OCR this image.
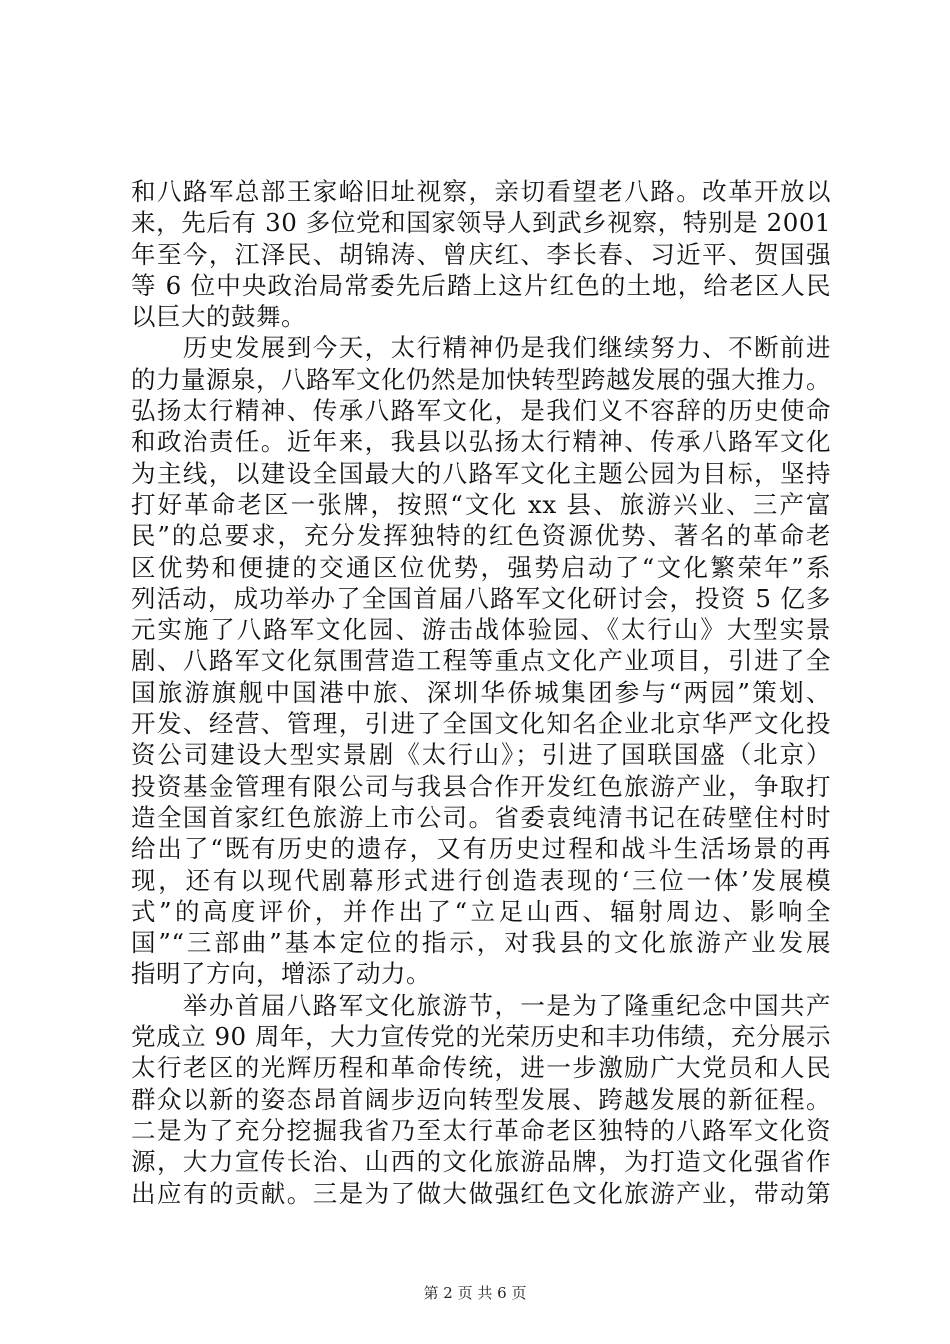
和八路军总部王家峪旧址视察，亲切看望老八路。改革开放以
来，先后有 30 多位党和国家领导人到武乡视察，特别是 2001
年至今，江泽民、胡锦涛、曾庆红、李长春、习近平、贺国强
等 6 位中央政治局常委先后踏上这片红色的土地，给老区人民
以巨大的鼓舞。
　　历史发展到今天，太行精神仍是我们继续努力、不断前进
的力量源泉，八路军文化仍然是加快转型跨越发展的强大推力。
弘扬太行精神、传承八路军文化，是我们义不容辞的历史使命
和政治责任。近年来，我县以弘扬太行精神、传承八路军文化
为主线，以建设全国最大的八路军文化主题公园为目标，坚持
打好革命老区一张牌，按照“文化 xx 县、旅游兴业、三产富
民”的总要求，充分发挥独特的红色资源优势、著名的革命老
区优势和便捷的交通区位优势，强势启动了“文化繁荣年”系
列活动，成功举办了全国首届八路军文化研讨会，投资 5 亿多
元实施了八路军文化园、游击战体验园、《太行山》大型实景
剧、八路军文化氛围营造工程等重点文化产业项目，引进了全
国旅游旗舰中国港中旅、深圳华侨城集团参与“两园”策划、
开发、经营、管理，引进了全国文化知名企业北京华严文化投
资公司建设大型实景剧《太行山》；引进了国联国盛（北京）
投资基金管理有限公司与我县合作开发红色旅游产业，争取打
造全国首家红色旅游上市公司。省委袁纯清书记在砖壁住村时
给出了“既有历史的遗存，又有历史过程和战斗生活场景的再
现，还有以现代剧幕形式进行创造表现的‘三位一体’发展模
式”的高度评价，并作出了“立足山西、辐射周边、影响全
国”“三部曲”基本定位的指示，对我县的文化旅游产业发展
指明了方向，增添了动力。
　　举办首届八路军文化旅游节，一是为了隆重纪念中国共产
党成立 90 周年，大力宣传党的光荣历史和丰功伟绩，充分展示
太行老区的光辉历程和革命传统，进一步激励广大党员和人民
群众以新的姿态昂首阔步迈向转型发展、跨越发展的新征程。
二是为了充分挖掘我省乃至太行革命老区独特的八路军文化资
源，大力宣传长治、山西的文化旅游品牌，为打造文化强省作
出应有的贡献。三是为了做大做强红色文化旅游产业，带动第
第 2 页 共 6 页
